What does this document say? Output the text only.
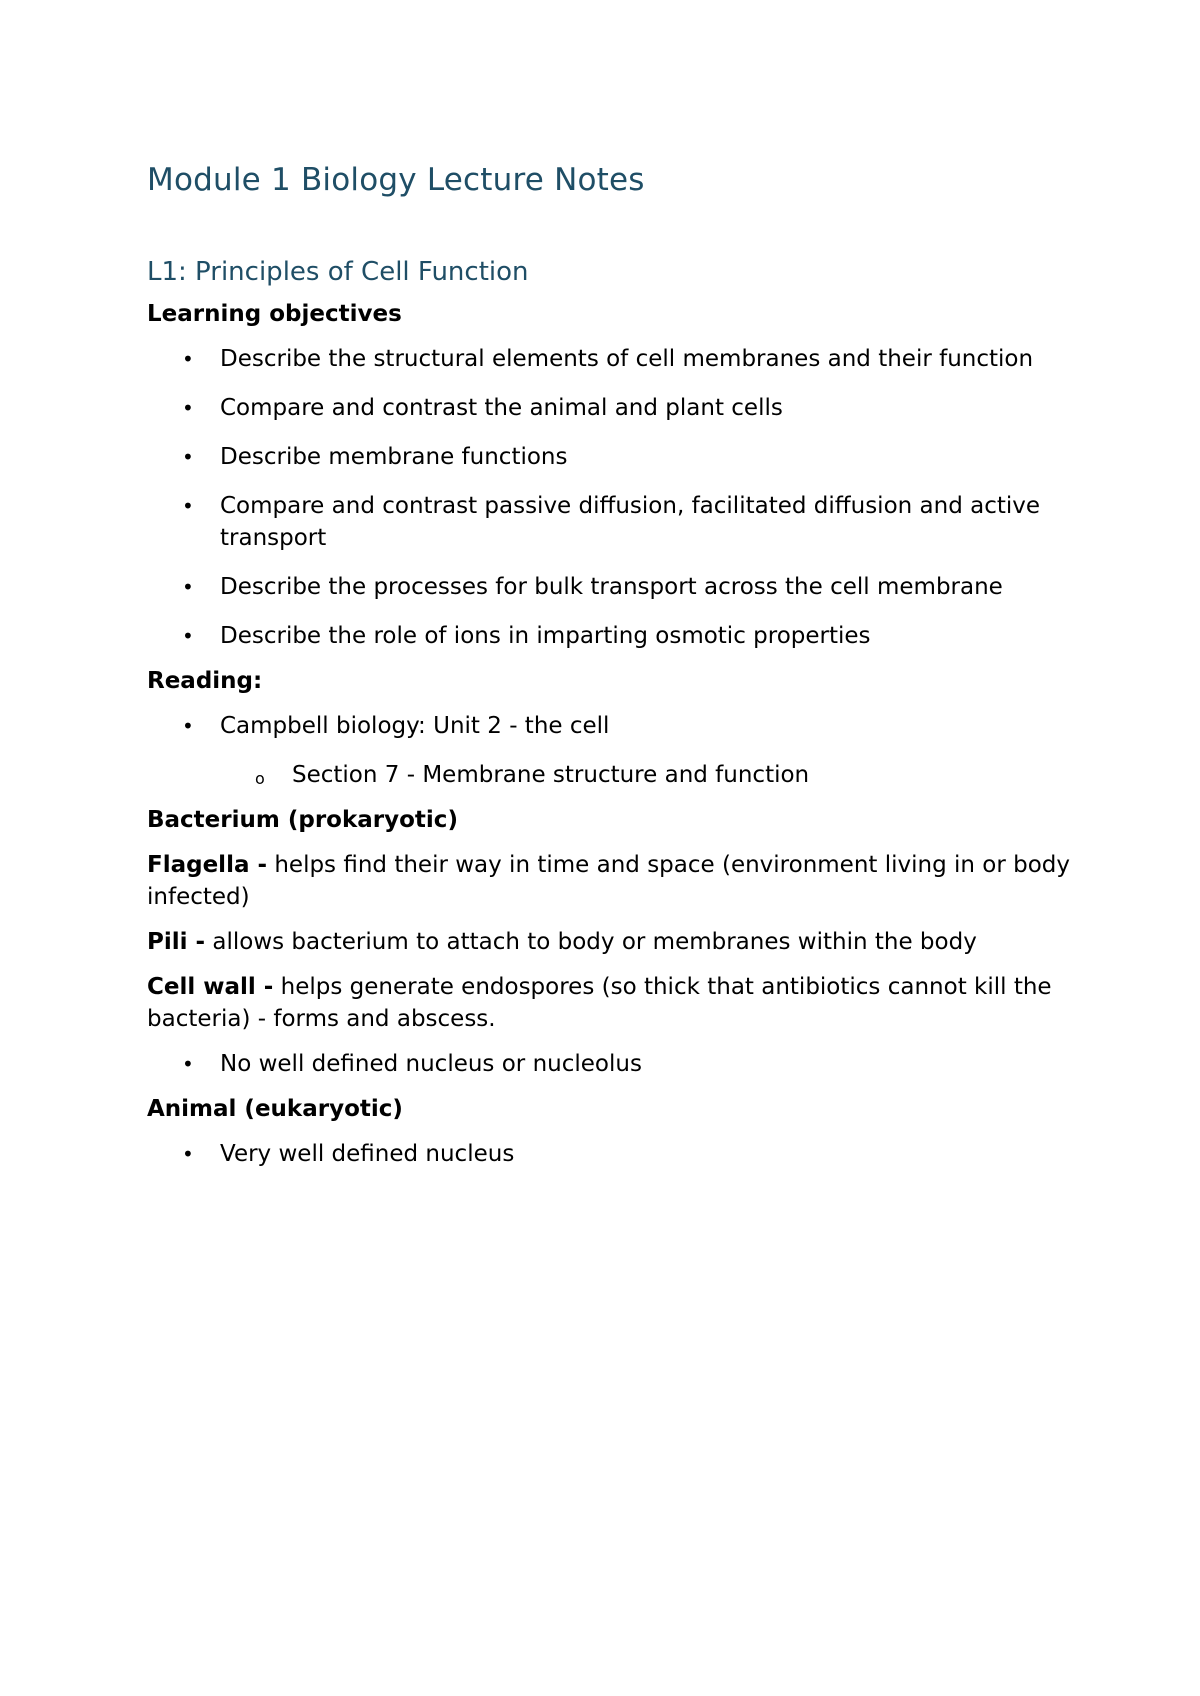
Module 1 Biology Lecture Notes
L1: Principles of Cell Function
Learning objectives
• Describe the structural elements of cell membranes and their function
• Compare and contrast the animal and plant cells
• Describe membrane functions
• Compare and contrast passive diffusion, facilitated diffusion and active transport
• Describe the processes for bulk transport across the cell membrane
• Describe the role of ions in imparting osmotic properties
Reading:
• Campbell biology: Unit 2 - the cell
o Section 7 - Membrane structure and function
Bacterium (prokaryotic)

Flagella - helps find their way in time and space (environment living in or body infected)

Pili - allows bacterium to attach to body or membranes within the body

Cell wall - helps generate endospores (so thick that antibiotics cannot kill the bacteria) - forms and abscess.

• No well defined nucleus or nucleolus
Animal (eukaryotic)
• Very well defined nucleus
